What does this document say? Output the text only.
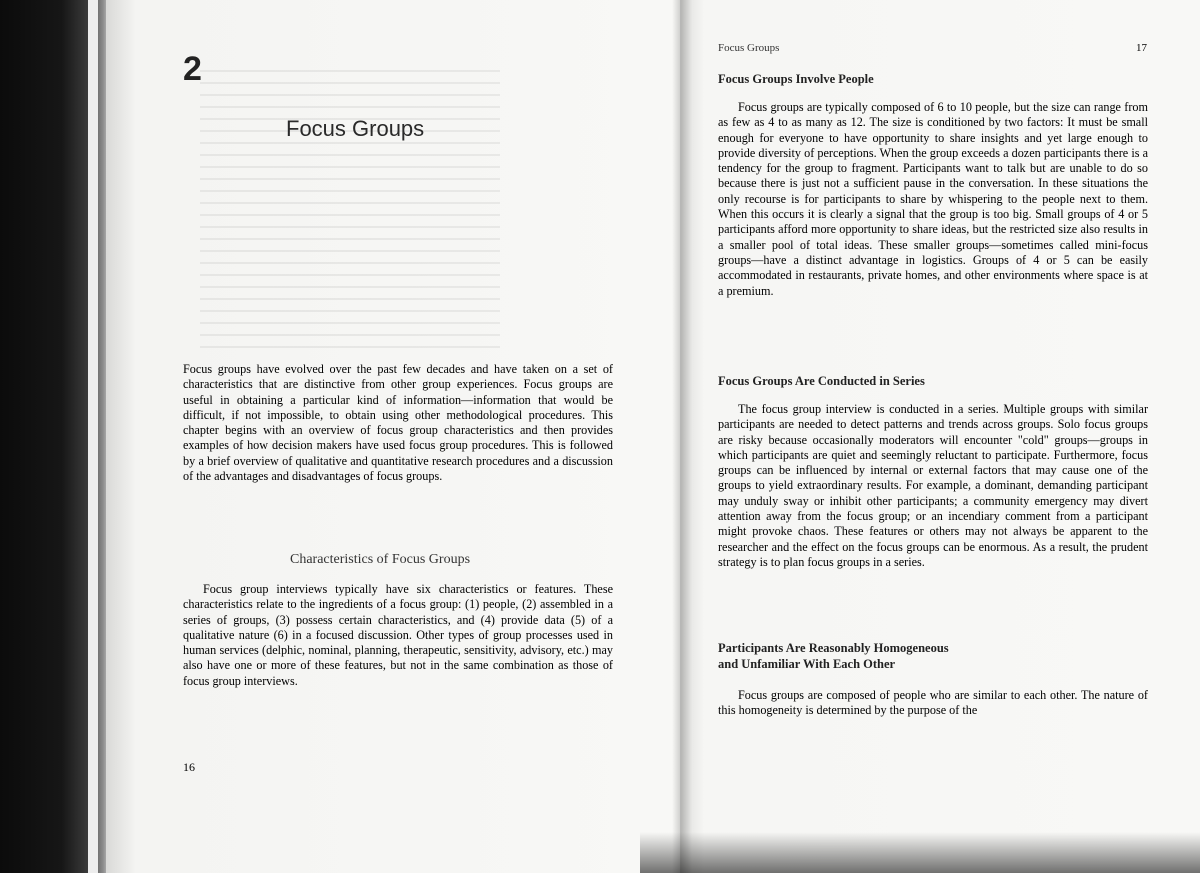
2
Focus Groups

Focus groups have evolved over the past few decades and have taken on a set of characteristics that are distinctive from other group experiences. Focus groups are useful in obtaining a particular kind of information—information that would be difficult, if not impossible, to obtain using other methodological procedures. This chapter begins with an overview of focus group characteristics and then provides examples of how decision makers have used focus group procedures. This is followed by a brief overview of qualitative and quantitative research procedures and a discussion of the advantages and disadvantages of focus groups.

Characteristics of Focus Groups

Focus group interviews typically have six characteristics or features. These characteristics relate to the ingredients of a focus group: (1) people, (2) assembled in a series of groups, (3) possess certain characteristics, and (4) provide data (5) of a qualitative nature (6) in a focused discussion. Other types of group processes used in human services (delphic, nominal, planning, therapeutic, sensitivity, advisory, etc.) may also have one or more of these features, but not in the same combination as those of focus group interviews.

16
Focus Groups	17
Focus Groups Involve People

Focus groups are typically composed of 6 to 10 people, but the size can range from as few as 4 to as many as 12. The size is conditioned by two factors: It must be small enough for everyone to have opportunity to share insights and yet large enough to provide diversity of perceptions. When the group exceeds a dozen participants there is a tendency for the group to fragment. Participants want to talk but are unable to do so because there is just not a sufficient pause in the conversation. In these situations the only recourse is for participants to share by whispering to the people next to them. When this occurs it is clearly a signal that the group is too big. Small groups of 4 or 5 participants afford more opportunity to share ideas, but the restricted size also results in a smaller pool of total ideas. These smaller groups—sometimes called mini-focus groups—have a distinct advantage in logistics. Groups of 4 or 5 can be easily accommodated in restaurants, private homes, and other environments where space is at a premium.

Focus Groups Are Conducted in Series

The focus group interview is conducted in a series. Multiple groups with similar participants are needed to detect patterns and trends across groups. Solo focus groups are risky because occasionally moderators will encounter "cold" groups—groups in which participants are quiet and seemingly reluctant to participate. Furthermore, focus groups can be influenced by internal or external factors that may cause one of the groups to yield extraordinary results. For example, a dominant, demanding participant may unduly sway or inhibit other participants; a community emergency may divert attention away from the focus group; or an incendiary comment from a participant might provoke chaos. These features or others may not always be apparent to the researcher and the effect on the focus groups can be enormous. As a result, the prudent strategy is to plan focus groups in a series.

Participants Are Reasonably Homogeneous
and Unfamiliar With Each Other

Focus groups are composed of people who are similar to each other. The nature of this homogeneity is determined by the purpose of the
